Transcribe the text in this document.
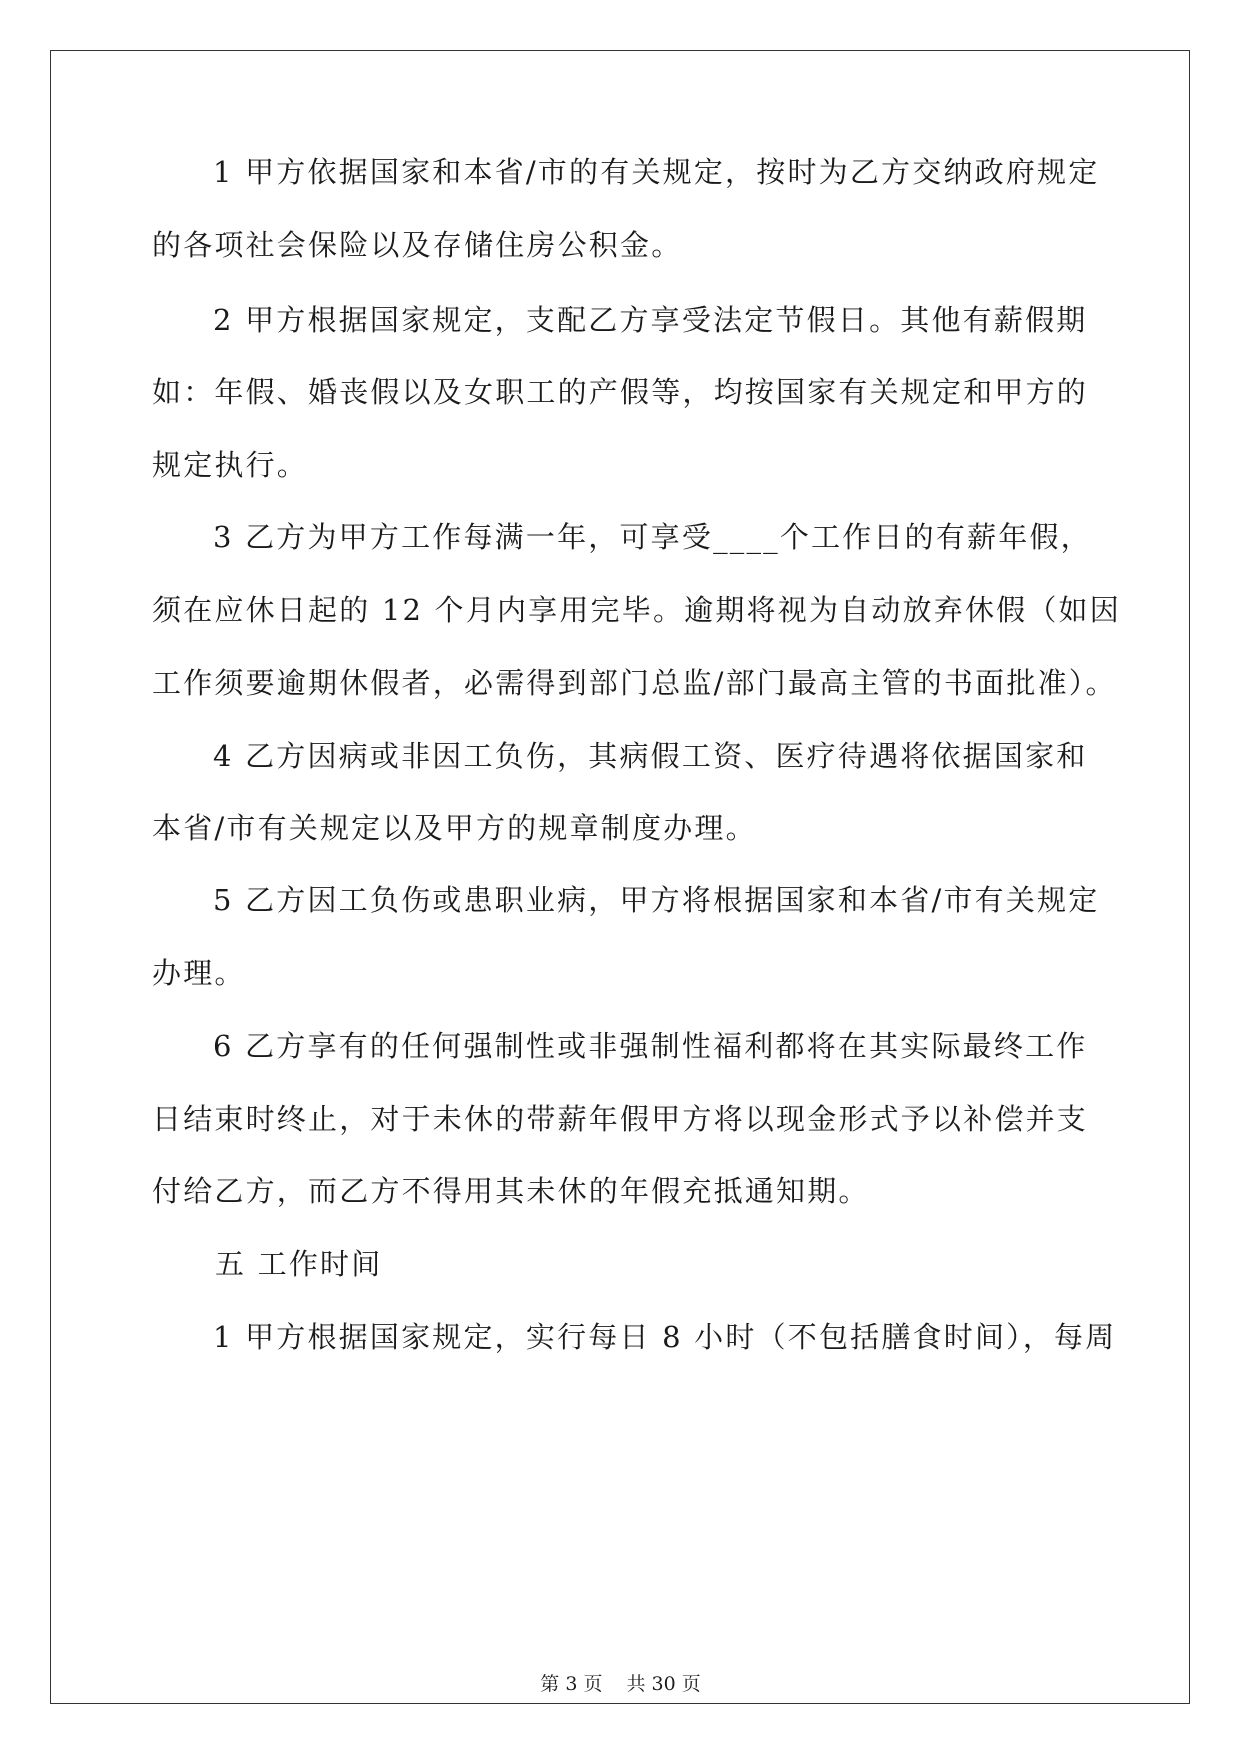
1 甲方依据国家和本省/市的有关规定，按时为乙方交纳政府规定
的各项社会保险以及存储住房公积金。
2 甲方根据国家规定，支配乙方享受法定节假日。其他有薪假期
如：年假、婚丧假以及女职工的产假等，均按国家有关规定和甲方的
规定执行。
3 乙方为甲方工作每满一年，可享受____个工作日的有薪年假，
须在应休日起的 12 个月内享用完毕。逾期将视为自动放弃休假（如因
工作须要逾期休假者，必需得到部门总监/部门最高主管的书面批准）。
4 乙方因病或非因工负伤，其病假工资、医疗待遇将依据国家和
本省/市有关规定以及甲方的规章制度办理。
5 乙方因工负伤或患职业病，甲方将根据国家和本省/市有关规定
办理。
6 乙方享有的任何强制性或非强制性福利都将在其实际最终工作
日结束时终止，对于未休的带薪年假甲方将以现金形式予以补偿并支
付给乙方，而乙方不得用其未休的年假充抵通知期。
五 工作时间
1 甲方根据国家规定，实行每日 8 小时（不包括膳食时间），每周
第 3 页 共 30 页
